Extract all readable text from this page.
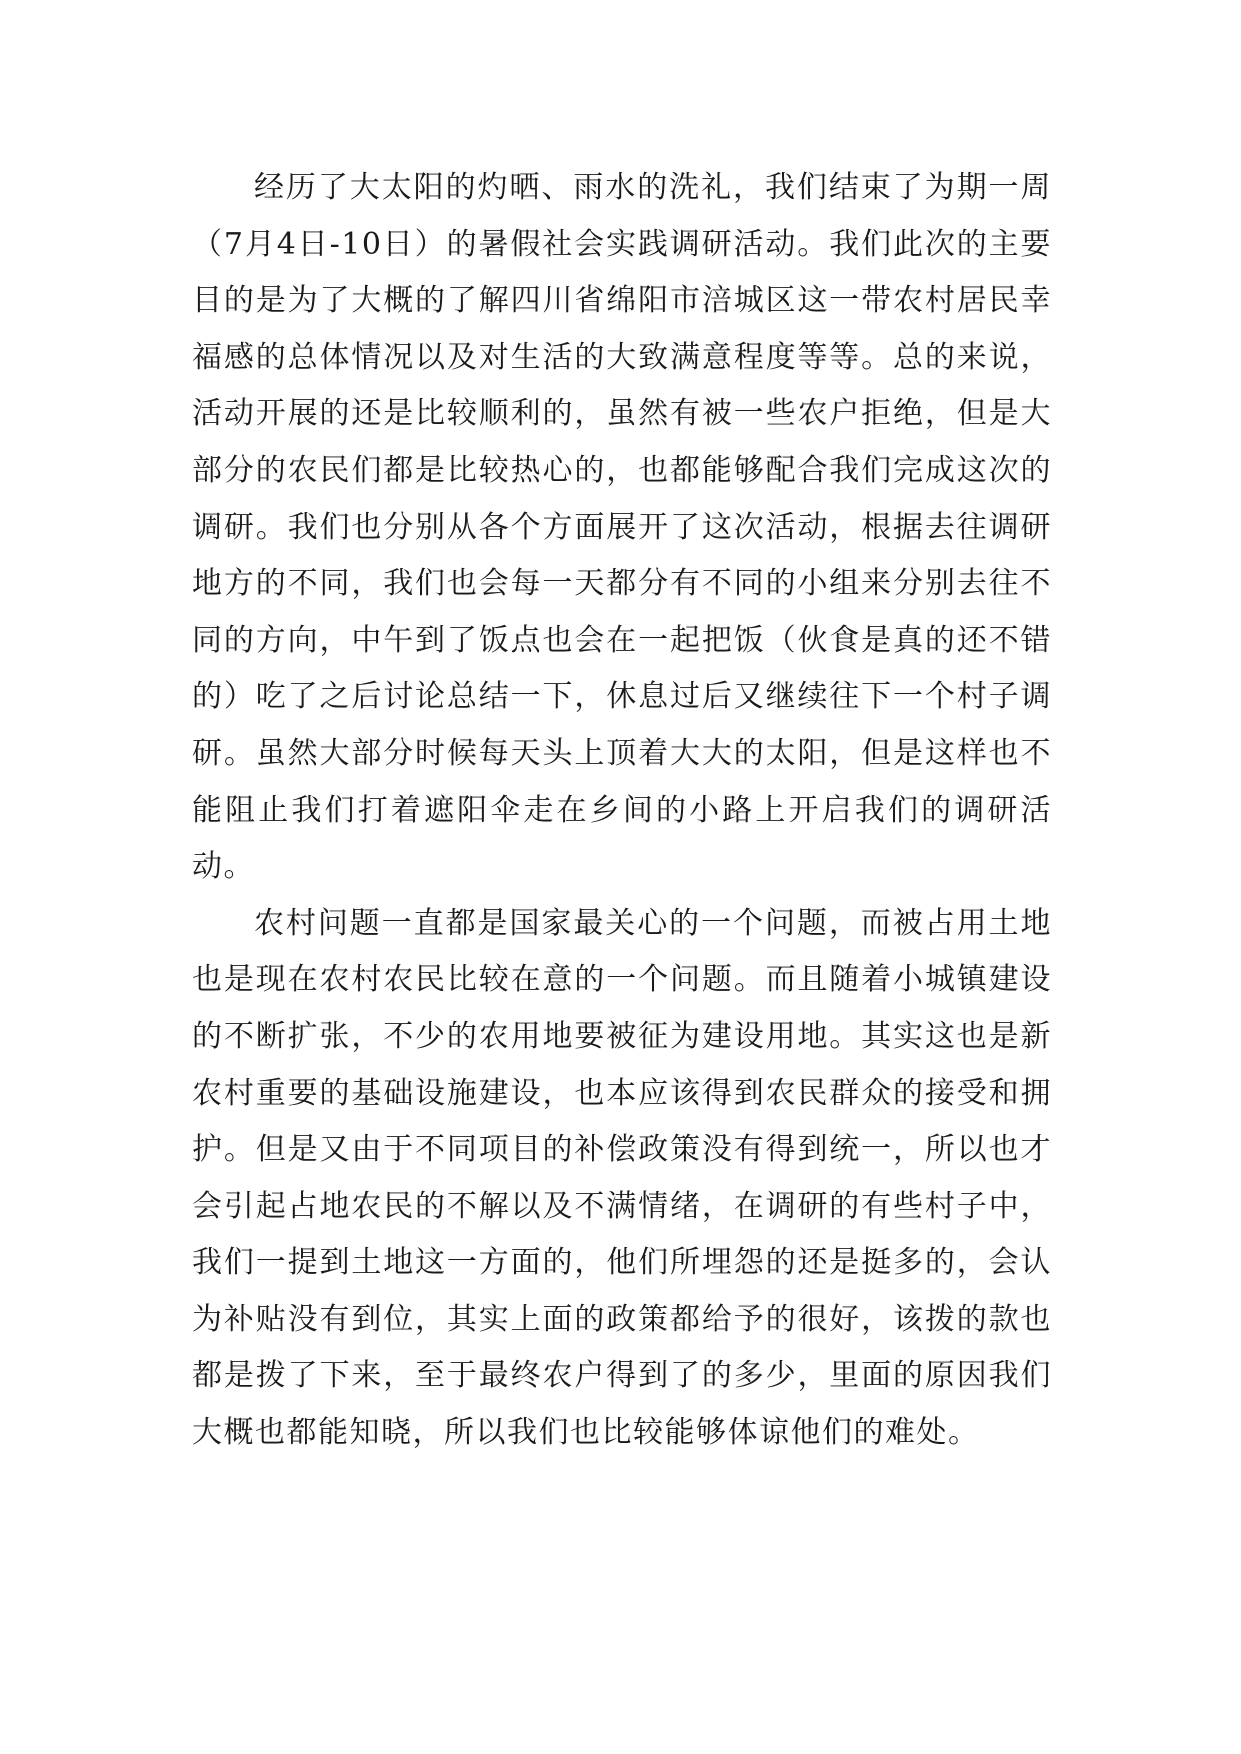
经历了大太阳的灼晒、雨水的洗礼，我们结束了为期一周（7月4日-10日）的暑假社会实践调研活动。我们此次的主要目的是为了大概的了解四川省绵阳市涪城区这一带农村居民幸福感的总体情况以及对生活的大致满意程度等等。总的来说，活动开展的还是比较顺利的，虽然有被一些农户拒绝，但是大部分的农民们都是比较热心的，也都能够配合我们完成这次的调研。我们也分别从各个方面展开了这次活动，根据去往调研地方的不同，我们也会每一天都分有不同的小组来分别去往不同的方向，中午到了饭点也会在一起把饭（伙食是真的还不错的）吃了之后讨论总结一下，休息过后又继续往下一个村子调研。虽然大部分时候每天头上顶着大大的太阳，但是这样也不能阻止我们打着遮阳伞走在乡间的小路上开启我们的调研活动。

农村问题一直都是国家最关心的一个问题，而被占用土地也是现在农村农民比较在意的一个问题。而且随着小城镇建设的不断扩张，不少的农用地要被征为建设用地。其实这也是新农村重要的基础设施建设，也本应该得到农民群众的接受和拥护。但是又由于不同项目的补偿政策没有得到统一，所以也才会引起占地农民的不解以及不满情绪，在调研的有些村子中，我们一提到土地这一方面的，他们所埋怨的还是挺多的，会认为补贴没有到位，其实上面的政策都给予的很好，该拨的款也都是拨了下来，至于最终农户得到了的多少，里面的原因我们大概也都能知晓，所以我们也比较能够体谅他们的难处。
